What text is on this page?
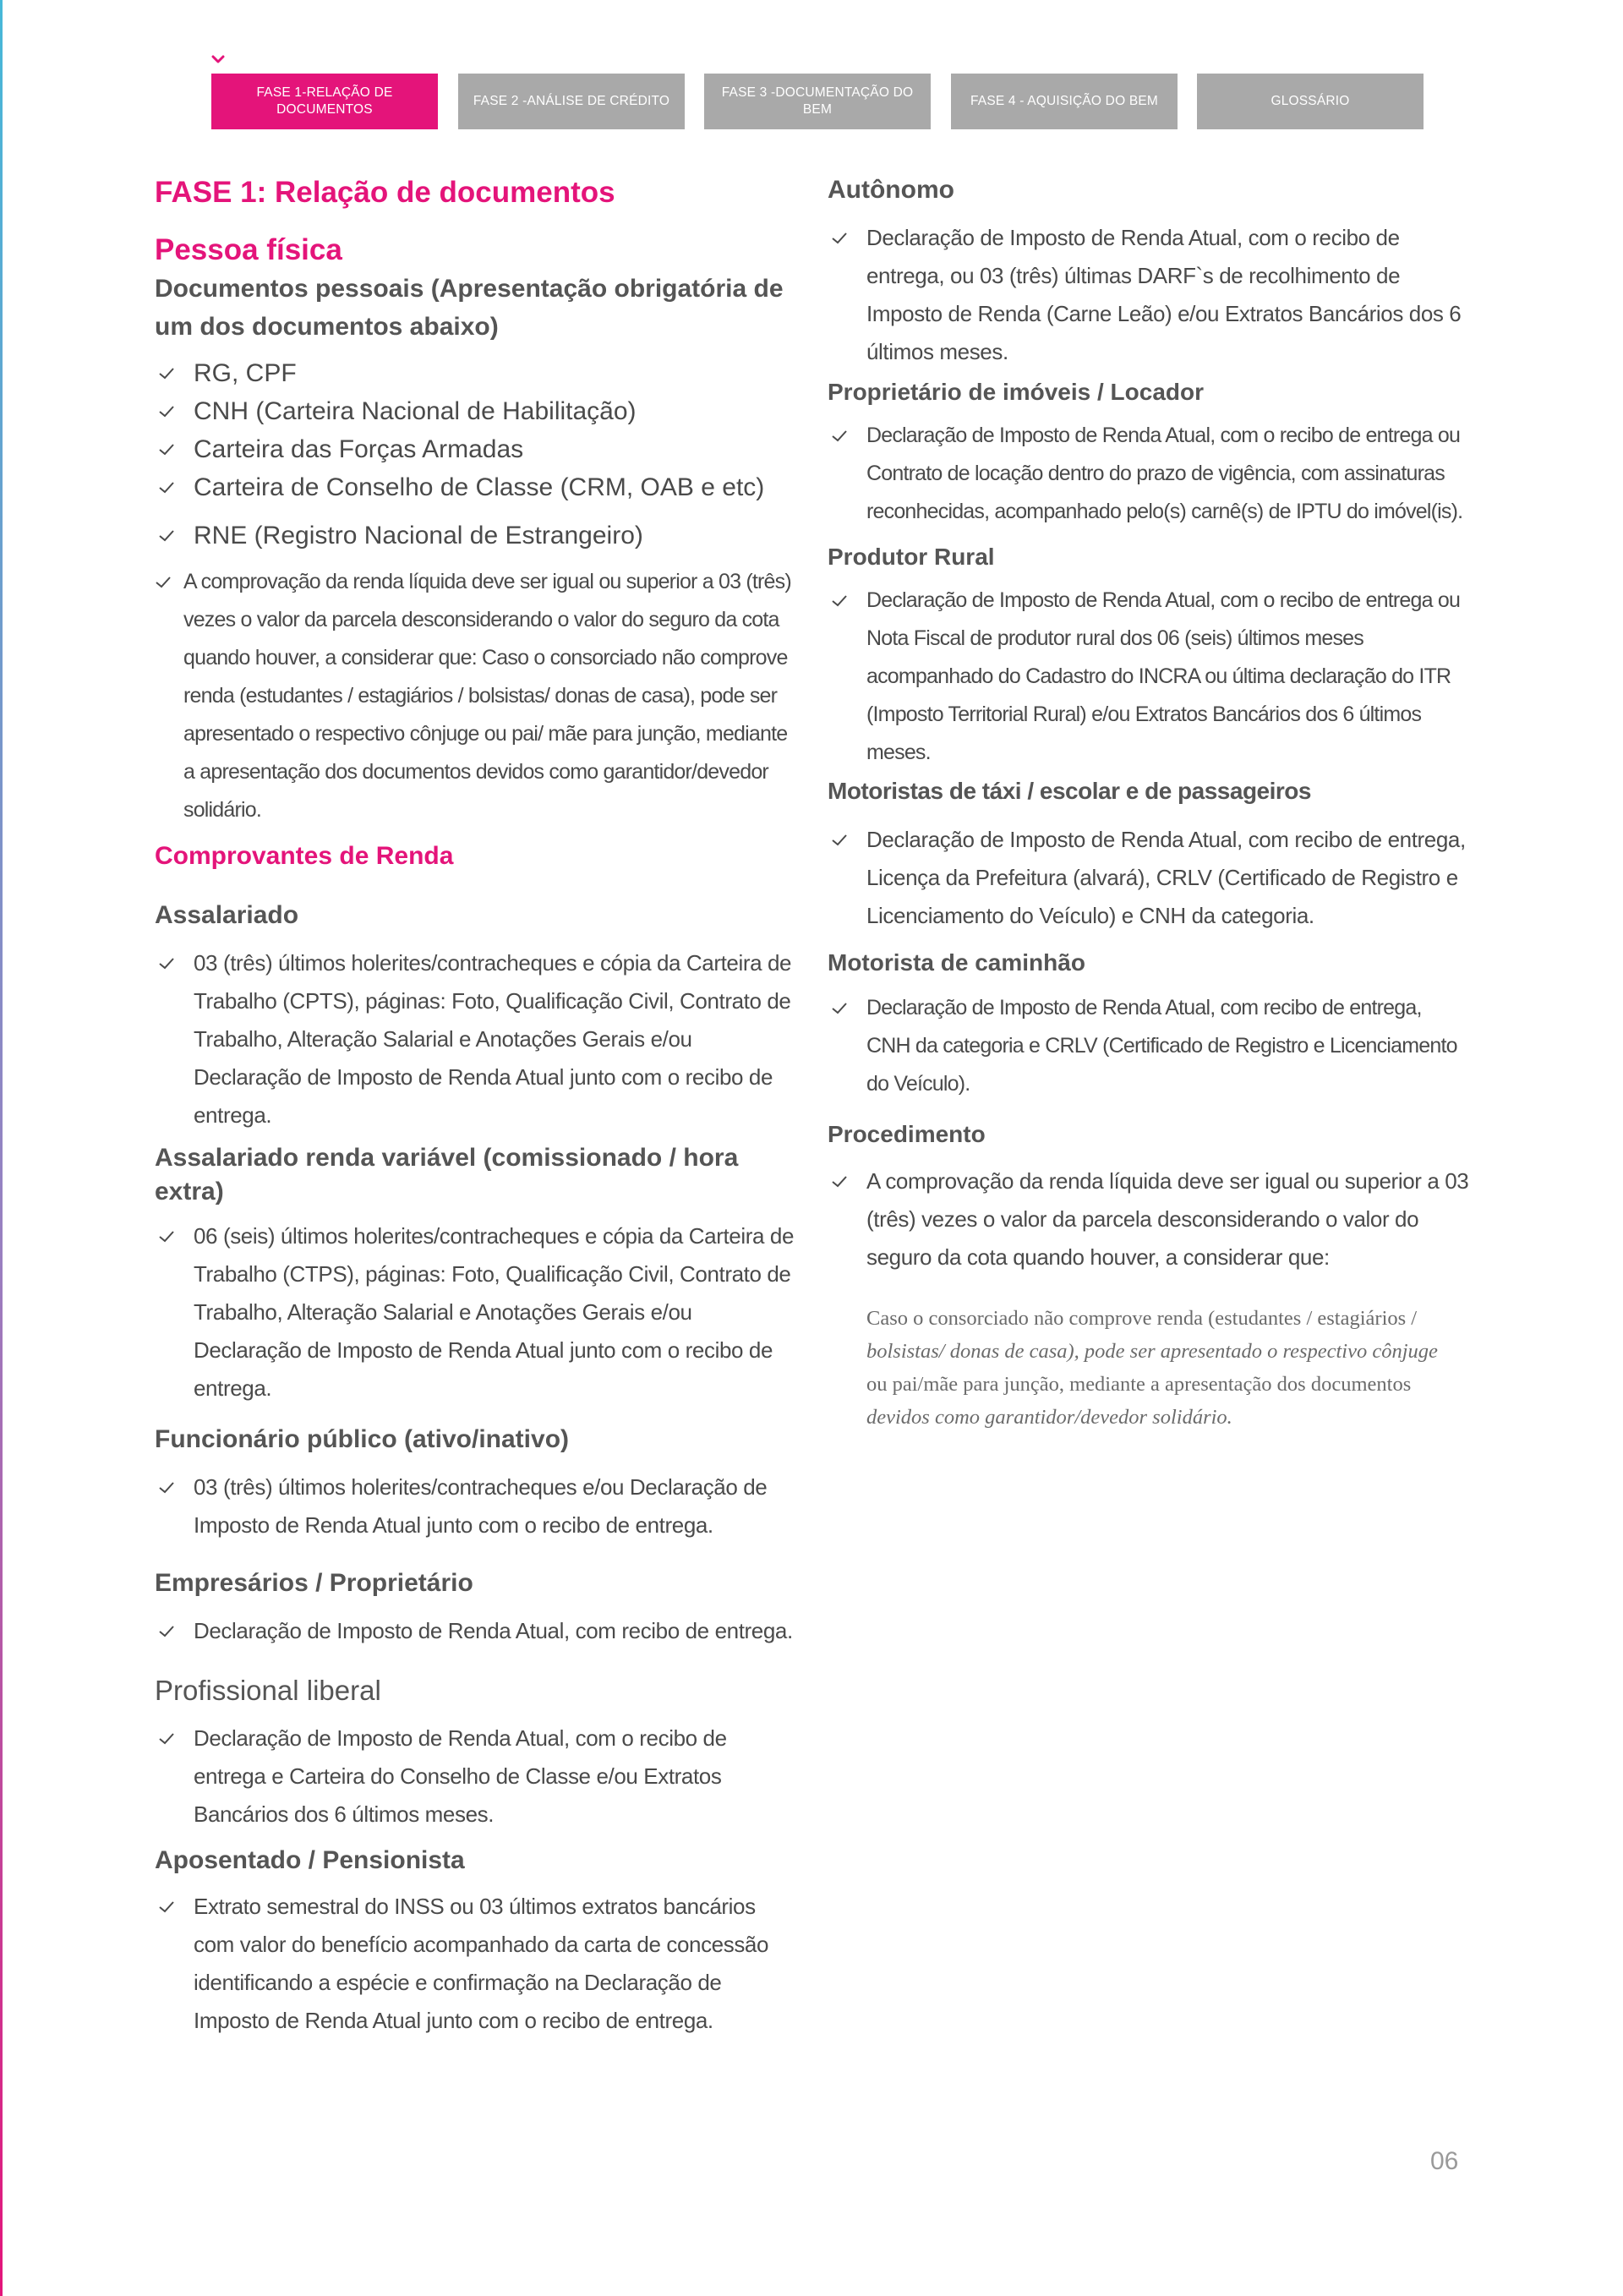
FASE 1-RELAÇÃO DE DOCUMENTOS
FASE 2 -ANÁLISE DE CRÉDITO
FASE 3 -DOCUMENTAÇÃO DO BEM
FASE 4 - AQUISIÇÃO DO BEM	GLOSSÁRIO
FASE 1: Relação de documentos
Pessoa física

Documentos pessoais (Apresentação obrigatória de um dos documentos abaixo)

RG, CPF
CNH (Carteira Nacional de Habilitação)
Carteira das Forças Armadas
Carteira de Conselho de Classe (CRM, OAB e etc)
RNE (Registro Nacional de Estrangeiro)
A comprovação da renda líquida deve ser igual ou superior a 03 (três) vezes o valor da parcela desconsiderando o valor do seguro da cota quando houver, a considerar que: Caso o consorciado não comprove renda (estudantes / estagiários / bolsistas/ donas de casa), pode ser apresentado o respectivo cônjuge ou pai/ mãe para junção, mediante a apresentação dos documentos devidos como garantidor/devedor solidário.
Comprovantes de Renda
Assalariado
03 (três) últimos holerites/contracheques e cópia da Carteira de Trabalho (CPTS), páginas: Foto, Qualificação Civil, Contrato de Trabalho, Alteração Salarial e Anotações Gerais e/ou Declaração de Imposto de Renda Atual junto com o recibo de entrega.
Assalariado renda variável (comissionado / hora extra)
06 (seis) últimos holerites/contracheques e cópia da Carteira de Trabalho (CTPS), páginas: Foto, Qualificação Civil, Contrato de Trabalho, Alteração Salarial e Anotações Gerais e/ou Declaração de Imposto de Renda Atual junto com o recibo de entrega.
Funcionário público (ativo/inativo)
03 (três) últimos holerites/contracheques e/ou Declaração de Imposto de Renda Atual junto com o recibo de entrega.
Empresários / Proprietário
Declaração de Imposto de Renda Atual, com recibo de entrega.
Profissional liberal
Declaração de Imposto de Renda Atual, com o recibo de entrega e Carteira do Conselho de Classe e/ou Extratos Bancários dos 6 últimos meses.
Aposentado / Pensionista
Extrato semestral do INSS ou 03 últimos extratos bancários com valor do benefício acompanhado da carta de concessão identificando a espécie e confirmação na Declaração de Imposto de Renda Atual junto com o recibo de entrega.
Autônomo
Declaração de Imposto de Renda Atual, com o recibo de entrega, ou 03 (três) últimas DARF`s de recolhimento de Imposto de Renda (Carne Leão) e/ou Extratos Bancários dos 6 últimos meses.
Proprietário de imóveis / Locador
Declaração de Imposto de Renda Atual, com o recibo de entrega ou Contrato de locação dentro do prazo de vigência, com assinaturas reconhecidas, acompanhado pelo(s) carnê(s) de IPTU do imóvel(is).
Produtor Rural
Declaração de Imposto de Renda Atual, com o recibo de entrega ou Nota Fiscal de produtor rural dos 06 (seis) últimos meses acompanhado do Cadastro do INCRA ou última declaração do ITR (Imposto Territorial Rural) e/ou Extratos Bancários dos 6 últimos meses.
Motoristas de táxi / escolar e de passageiros
Declaração de Imposto de Renda Atual, com recibo de entrega, Licença da Prefeitura (alvará), CRLV (Certificado de Registro e Licenciamento do Veículo) e CNH da categoria.
Motorista de caminhão
Declaração de Imposto de Renda Atual, com recibo de entrega, CNH da categoria e CRLV (Certificado de Registro e Licenciamento do Veículo).
Procedimento
A comprovação da renda líquida deve ser igual ou superior a 03 (três) vezes o valor da parcela desconsiderando o valor do seguro da cota quando houver, a considerar que:

Caso o consorciado não comprove renda (estudantes / estagiários /
bolsistas/ donas de casa), pode ser apresentado o respectivo cônjuge
ou pai/mãe para junção, mediante a apresentação dos documentos
devidos como garantidor/devedor solidário.

06
